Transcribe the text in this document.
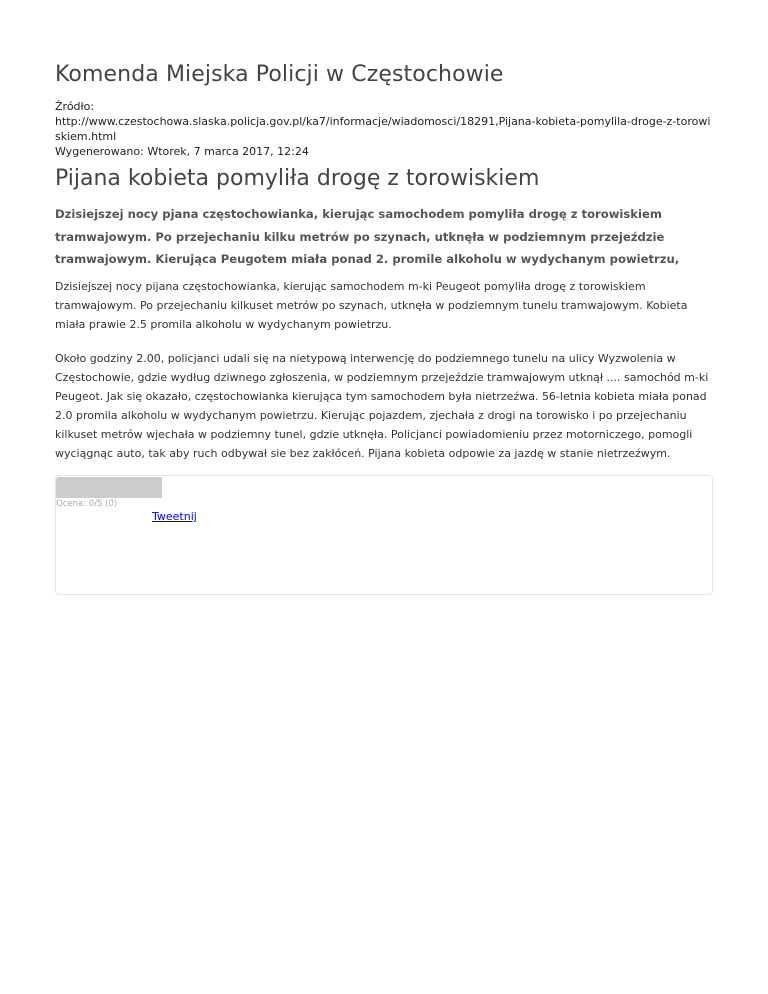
Komenda Miejska Policji w Częstochowie
Źródło:
http://www.czestochowa.slaska.policja.gov.pl/ka7/informacje/wiadomosci/18291,Pijana-kobieta-pomylila-droge-z-torowiskiem.html
Wygenerowano: Wtorek, 7 marca 2017, 12:24
Pijana kobieta pomyliła drogę z torowiskiem

Dzisiejszej nocy pjana częstochowianka, kierując samochodem pomyliła drogę z torowiskiem tramwajowym. Po przejechaniu kilku metrów po szynach, utknęła w podziemnym przejeździe tramwajowym. Kierująca Peugotem miała ponad 2. promile alkoholu w wydychanym powietrzu,

Dzisiejszej nocy pijana częstochowianka, kierując samochodem m-ki Peugeot pomyliła drogę z torowiskiem tramwajowym. Po przejechaniu kilkuset metrów po szynach, utknęła w podziemnym tunelu tramwajowym. Kobieta miała prawie 2.5 promila alkoholu w wydychanym powietrzu.

Około godziny 2.00, policjanci udali się na nietypową interwencję do podziemnego tunelu na ulicy Wyzwolenia w Częstochowie, gdzie wydług dziwnego zgłoszenia, w podziemnym przejeździe tramwajowym utknął .... samochód m-ki Peugeot. Jak się okazało, częstochowianka kierująca tym samochodem była nietrzeźwa. 56-letnia kobieta miała ponad 2.0 promila alkoholu w wydychanym powietrzu. Kierując pojazdem, zjechała z drogi na torowisko i po przejechaniu kilkuset metrów wjechała w podziemny tunel, gdzie utknęła. Policjanci powiadomieniu przez motorniczego, pomogli wyciągnąc auto, tak aby ruch odbywał sie bez zakłóceń. Pijana kobieta odpowie za jazdę w stanie nietrzeźwym.

Ocena: 0/5 (0)
Tweetnij
